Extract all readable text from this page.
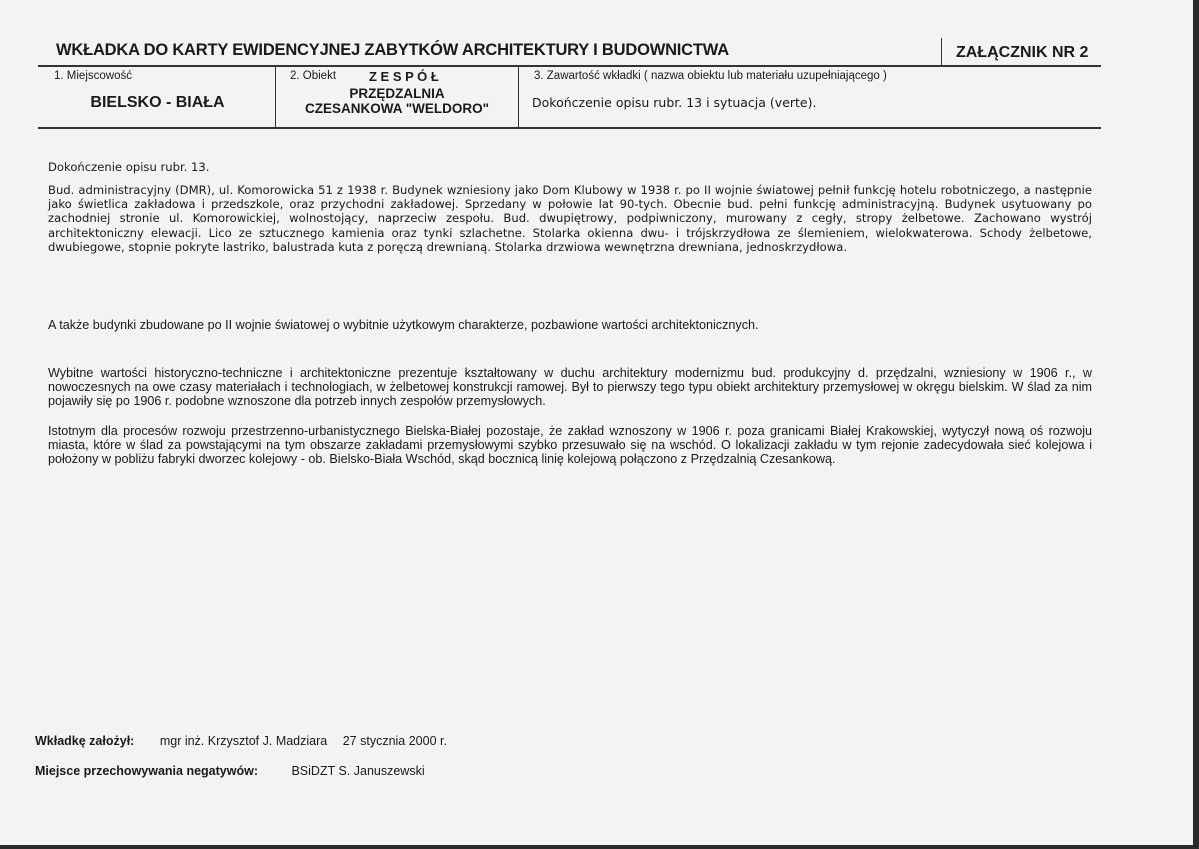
WKŁADKA DO KARTY EWIDENCYJNEJ ZABYTKÓW ARCHITEKTURY I BUDOWNICTWA	ZAŁĄCZNIK NR 2
1. Miejscowość
BIELSKO - BIAŁA
2. Obiekt	Z E S P Ó Ł
PRZĘDZALNIA
CZESANKOWA "WELDORO"
3. Zawartość wkładki ( nazwa obiektu lub materiału uzupełniającego )
Dokończenie opisu rubr. 13 i sytuacja (verte).
Dokończenie opisu rubr. 13.
Bud. administracyjny (DMR), ul. Komorowicka 51 z 1938 r. Budynek wzniesiony jako Dom Klubowy w 1938 r. po II wojnie światowej pełnił funkcję hotelu robotniczego, a następnie jako świetlica zakładowa i przedszkole, oraz przychodni zakładowej. Sprzedany w połowie lat 90-tych. Obecnie bud. pełni funkcję administracyjną. Budynek usytuowany po zachodniej stronie ul. Komorowickiej, wolnostojący, naprzeciw zespołu. Bud. dwupiętrowy, podpiwniczony, murowany z cegły, stropy żelbetowe. Zachowano wystrój architektoniczny elewacji. Lico ze sztucznego kamienia oraz tynki szlachetne. Stolarka okienna dwu- i trójskrzydłowa ze ślemieniem, wielokwaterowa. Schody żelbetowe, dwubiegowe, stopnie pokryte lastriko, balustrada kuta z poręczą drewnianą. Stolarka drzwiowa wewnętrzna drewniana, jednoskrzydłowa.
A także budynki zbudowane po II wojnie światowej o wybitnie użytkowym charakterze, pozbawione wartości architektonicznych.
Wybitne wartości historyczno-techniczne i architektoniczne prezentuje kształtowany w duchu architektury modernizmu bud. produkcyjny d. przędzalni, wzniesiony w 1906 r., w nowoczesnych na owe czasy materiałach i technologiach, w żelbetowej konstrukcji ramowej. Był to pierwszy tego typu obiekt architektury przemysłowej w okręgu bielskim. W ślad za nim pojawiły się po 1906 r. podobne wznoszone dla potrzeb innych zespołów przemysłowych.
Istotnym dla procesów rozwoju przestrzenno-urbanistycznego Bielska-Białej pozostaje, że zakład wznoszony w 1906 r. poza granicami Białej Krakowskiej, wytyczył nową oś rozwoju miasta, które w ślad za powstającymi na tym obszarze zakładami przemysłowymi szybko przesuwało się na wschód. O lokalizacji zakładu w tym rejonie zadecydowała sieć kolejowa i położony w pobliżu fabryki dworzec kolejowy - ob. Bielsko-Biała Wschód, skąd bocznicą linię kolejową połączono z Przędzalnią Czesankową.
Wkładkę założył: mgr inż. Krzysztof J. Madziara 27 stycznia 2000 r.
Miejsce przechowywania negatywów:	BSiDZT S. Januszewski
